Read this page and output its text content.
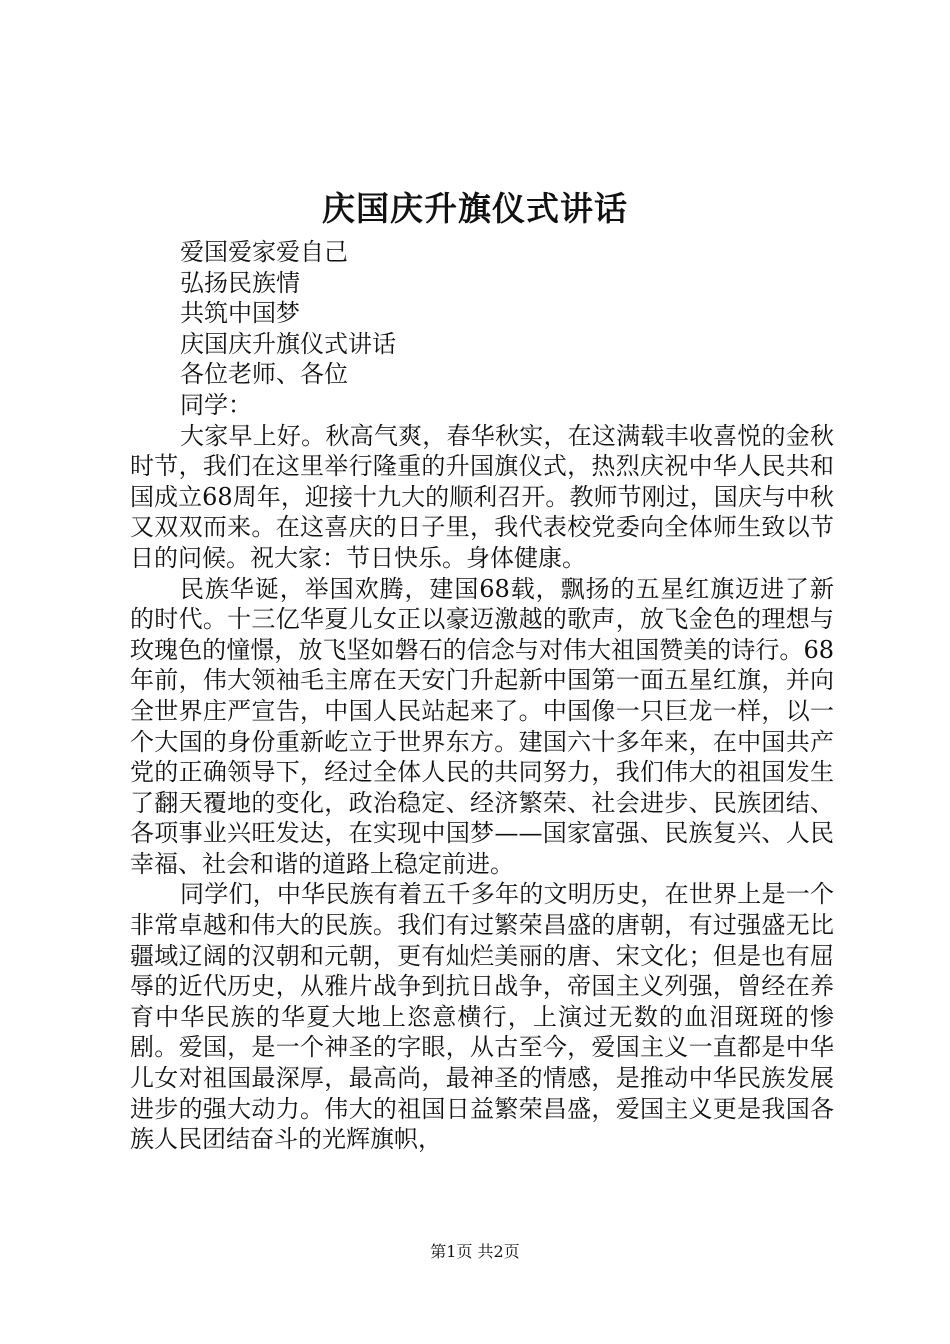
庆国庆升旗仪式讲话
爱国爱家爱自己
弘扬民族情
共筑中国梦
庆国庆升旗仪式讲话
各位老师、各位
同学：

大家早上好。秋高气爽，春华秋实，在这满载丰收喜悦的金秋时节，我们在这里举行隆重的升国旗仪式，热烈庆祝中华人民共和国成立68周年，迎接十九大的顺利召开。教师节刚过，国庆与中秋又双双而来。在这喜庆的日子里，我代表校党委向全体师生致以节日的问候。祝大家：节日快乐。身体健康。

民族华诞，举国欢腾，建国68载，飘扬的五星红旗迈进了新的时代。十三亿华夏儿女正以豪迈激越的歌声，放飞金色的理想与玫瑰色的憧憬，放飞坚如磐石的信念与对伟大祖国赞美的诗行。68年前，伟大领袖毛主席在天安门升起新中国第一面五星红旗，并向全世界庄严宣告，中国人民站起来了。中国像一只巨龙一样，以一个大国的身份重新屹立于世界东方。建国六十多年来，在中国共产党的正确领导下，经过全体人民的共同努力，我们伟大的祖国发生了翻天覆地的变化，政治稳定、经济繁荣、社会进步、民族团结、各项事业兴旺发达，在实现中国梦——国家富强、民族复兴、人民幸福、社会和谐的道路上稳定前进。

同学们，中华民族有着五千多年的文明历史，在世界上是一个非常卓越和伟大的民族。我们有过繁荣昌盛的唐朝，有过强盛无比疆域辽阔的汉朝和元朝，更有灿烂美丽的唐、宋文化；但是也有屈辱的近代历史，从雅片战争到抗日战争，帝国主义列强，曾经在养育中华民族的华夏大地上恣意横行，上演过无数的血泪斑斑的惨剧。爱国，是一个神圣的字眼，从古至今，爱国主义一直都是中华儿女对祖国最深厚，最高尚，最神圣的情感，是推动中华民族发展进步的强大动力。伟大的祖国日益繁荣昌盛，爱国主义更是我国各族人民团结奋斗的光辉旗帜，

第1页 共2页
